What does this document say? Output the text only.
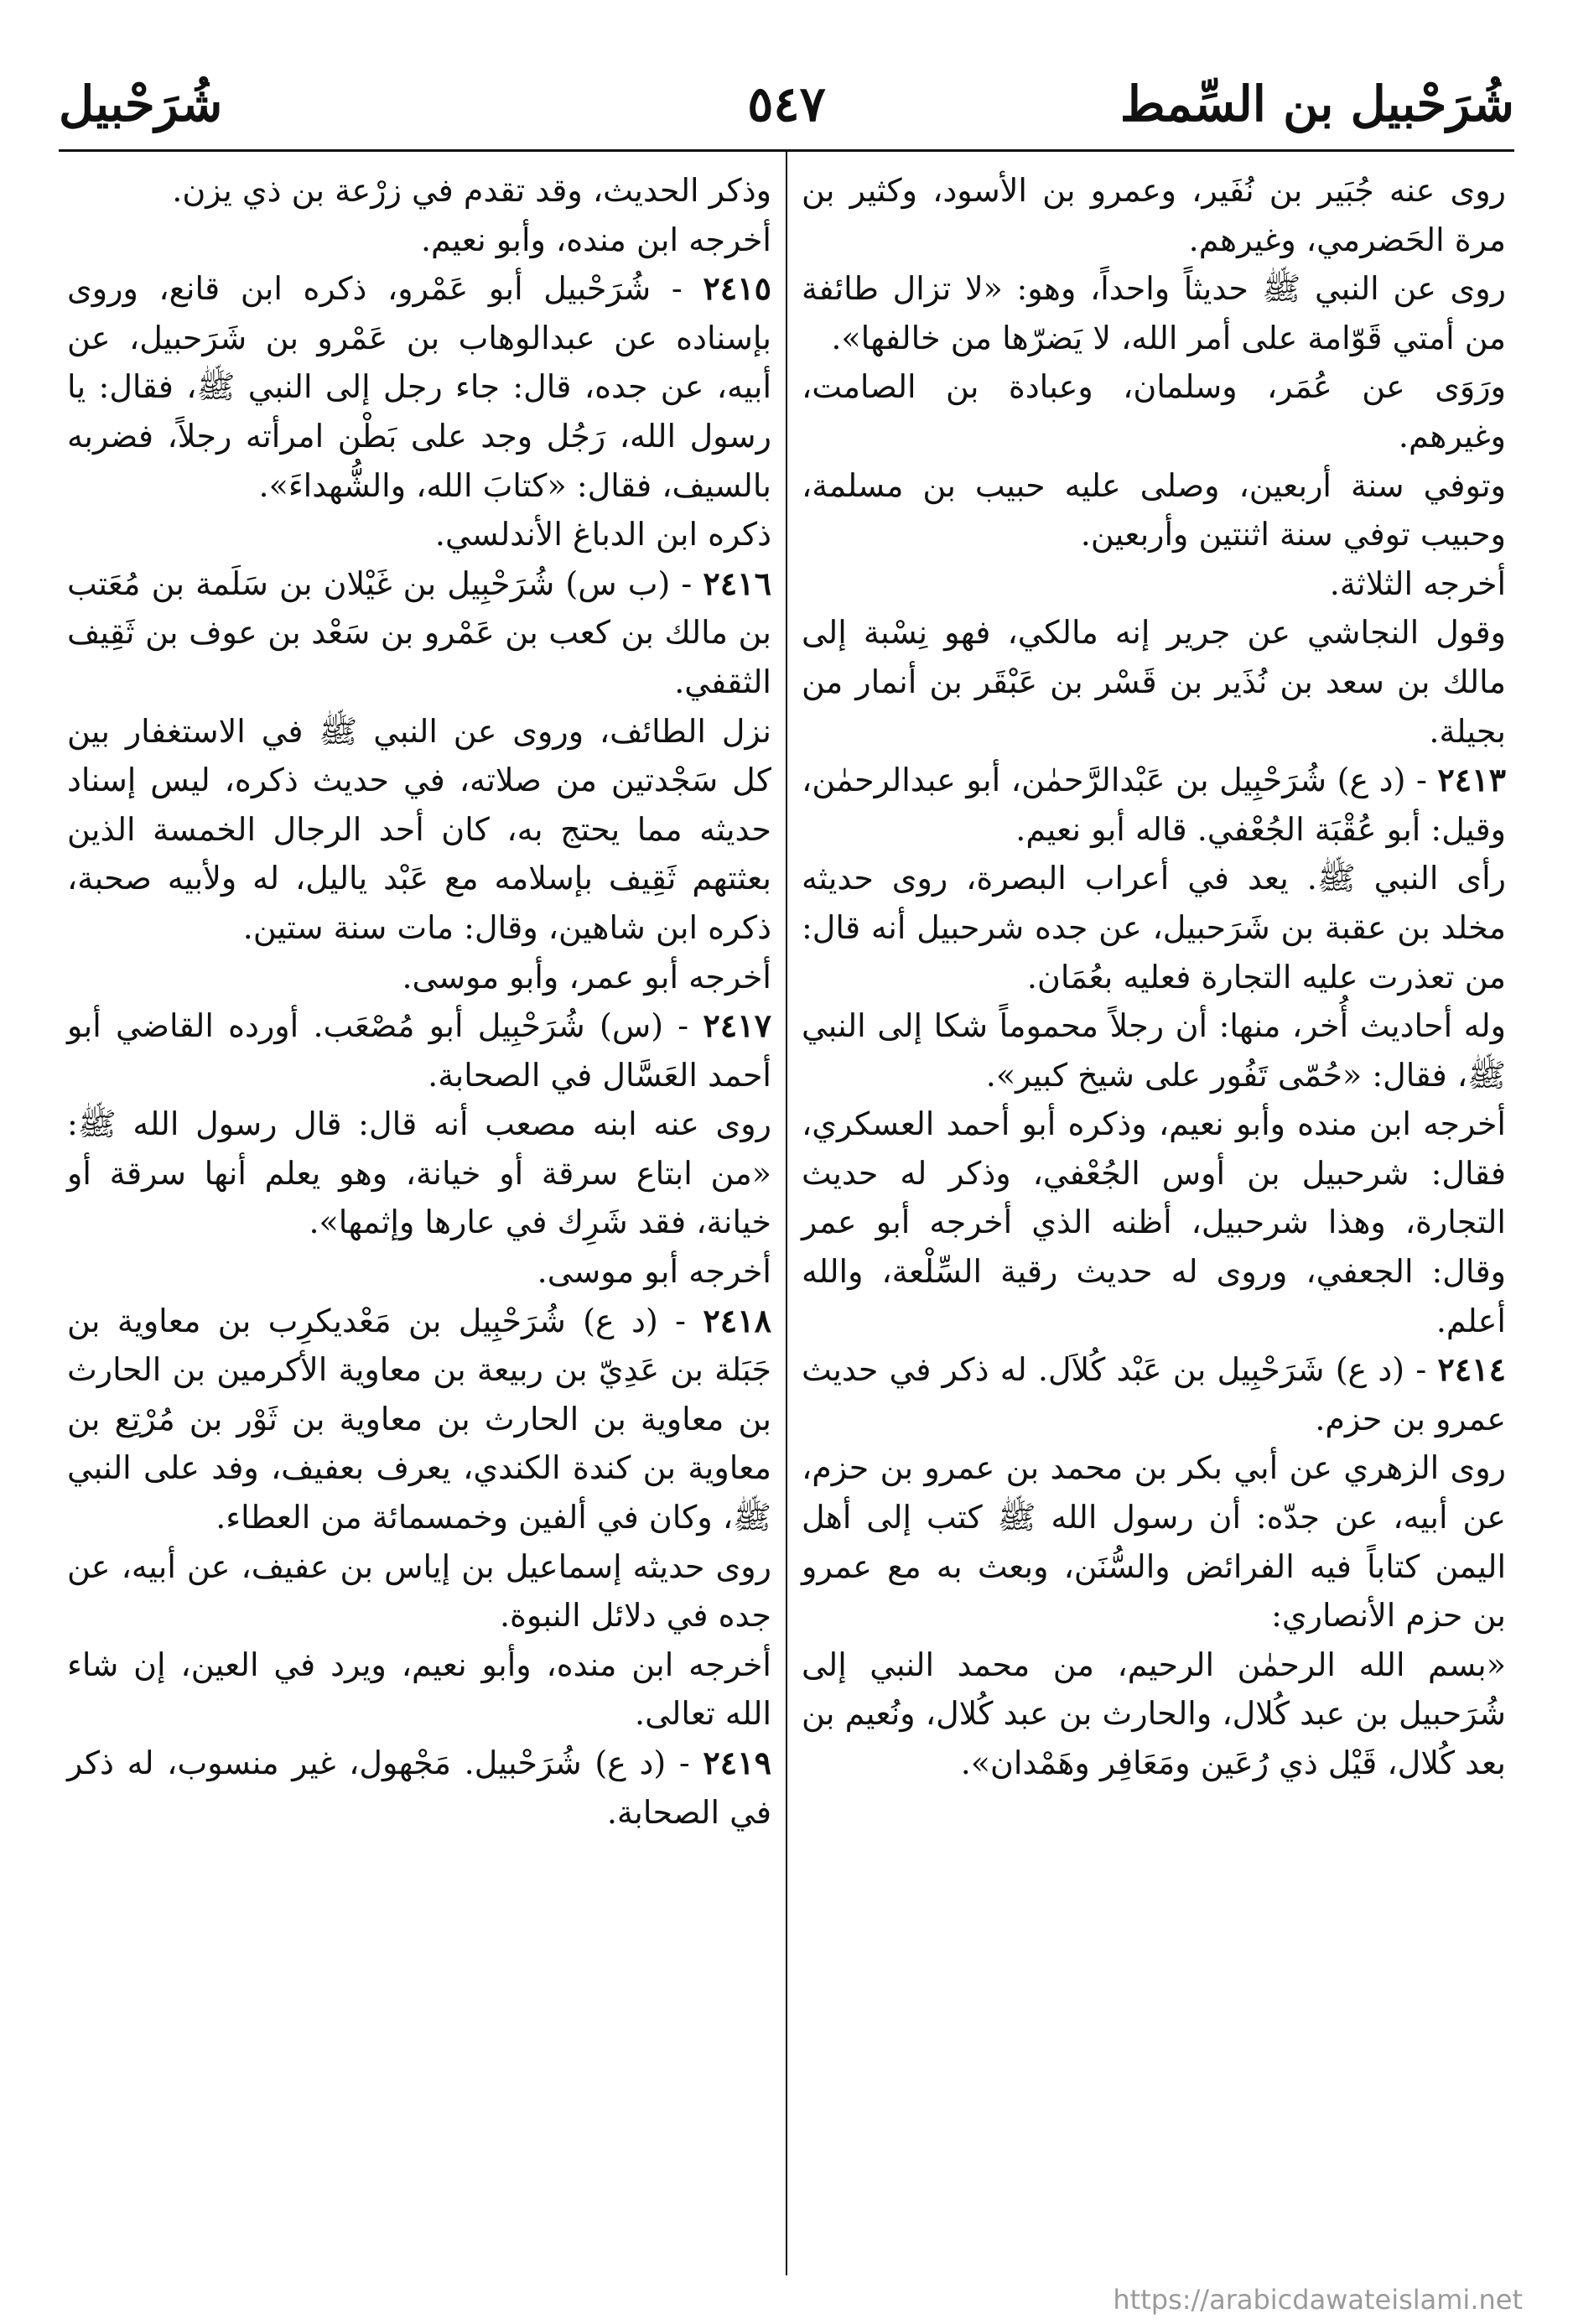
شُرَحْبيل بن السِّمط
٥٤٧
شُرَحْبيل

روى عنه جُبَير بن نُفَير، وعمرو بن الأسود، وكثير بن مرة الحَضرمي، وغيرهم.

روى عن النبي ﷺ حديثاً واحداً، وهو: «لا تزال طائفة من أمتي قَوّامة على أمر الله، لا يَضرّها من خالفها».

ورَوَى عن عُمَر، وسلمان، وعبادة بن الصامت، وغيرهم.

وتوفي سنة أربعين، وصلى عليه حبيب بن مسلمة، وحبيب توفي سنة اثنتين وأربعين.

أخرجه الثلاثة.

وقول النجاشي عن جرير إنه مالكي، فهو نِسْبة إلى مالك بن سعد بن نُذَير بن قَسْر بن عَبْقَر بن أنمار من بجيلة.

٢٤١٣ - (د ع) شُرَحْبِيل بن عَبْدالرَّحمٰن، أبو عبدالرحمٰن، وقيل: أبو عُقْبَة الجُعْفي. قاله أبو نعيم.

رأى النبي ﷺ. يعد في أعراب البصرة، روى حديثه مخلد بن عقبة بن شَرَحبيل، عن جده شرحبيل أنه قال: من تعذرت عليه التجارة فعليه بعُمَان.

وله أحاديث أُخر، منها: أن رجلاً محموماً شكا إلى النبي ﷺ، فقال: «حُمّى تَفُور على شيخ كبير».

أخرجه ابن منده وأبو نعيم، وذكره أبو أحمد العسكري، فقال: شرحبيل بن أوس الجُعْفي، وذكر له حديث التجارة، وهذا شرحبيل، أظنه الذي أخرجه أبو عمر وقال: الجعفي، وروى له حديث رقية السِّلْعة، والله أعلم.

٢٤١٤ - (د ع) شَرَحْبِيل بن عَبْد كُلاَل. له ذكر في حديث عمرو بن حزم.

روى الزهري عن أبي بكر بن محمد بن عمرو بن حزم، عن أبيه، عن جدّه: أن رسول الله ﷺ كتب إلى أهل اليمن كتاباً فيه الفرائض والسُّنَن، وبعث به مع عمرو بن حزم الأنصاري:

«بسم الله الرحمٰن الرحيم، من محمد النبي إلى شُرَحبيل بن عبد كُلال، والحارث بن عبد كُلال، ونُعيم بن بعد كُلال، قَيْل ذي رُعَين ومَعَافِر وهَمْدان».

وذكر الحديث، وقد تقدم في زرْعة بن ذي يزن.

أخرجه ابن منده، وأبو نعيم.

٢٤١٥ - شُرَحْبيل أبو عَمْرو، ذكره ابن قانع، وروى بإسناده عن عبدالوهاب بن عَمْرو بن شَرَحبيل، عن أبيه، عن جده، قال: جاء رجل إلى النبي ﷺ، فقال: يا رسول الله، رَجُل وجد على بَطْن امرأته رجلاً، فضربه بالسيف، فقال: «كتابَ الله، والشُّهداءَ».

ذكره ابن الدباغ الأندلسي.

٢٤١٦ - (ب س) شُرَحْبِيل بن غَيْلان بن سَلَمة بن مُعَتب بن مالك بن كعب بن عَمْرو بن سَعْد بن عوف بن ثَقِيف الثقفي.

نزل الطائف، وروى عن النبي ﷺ في الاستغفار بين كل سَجْدتين من صلاته، في حديث ذكره، ليس إسناد حديثه مما يحتج به، كان أحد الرجال الخمسة الذين بعثتهم ثَقِيف بإسلامه مع عَبْد ياليل، له ولأبيه صحبة، ذكره ابن شاهين، وقال: مات سنة ستين.

أخرجه أبو عمر، وأبو موسى.

٢٤١٧ - (س) شُرَحْبِيل أبو مُصْعَب. أورده القاضي أبو أحمد العَسَّال في الصحابة.

روى عنه ابنه مصعب أنه قال: قال رسول الله ﷺ: «من ابتاع سرقة أو خيانة، وهو يعلم أنها سرقة أو خيانة، فقد شَرِك في عارها وإثمها».

أخرجه أبو موسى.

٢٤١٨ - (د ع) شُرَحْبِيل بن مَعْديكرِب بن معاوية بن جَبَلة بن عَدِيّ بن ربيعة بن معاوية الأكرمين بن الحارث بن معاوية بن الحارث بن معاوية بن ثَوْر بن مُرْتِع بن معاوية بن كندة الكندي، يعرف بعفيف، وفد على النبي ﷺ، وكان في ألفين وخمسمائة من العطاء.

روى حديثه إسماعيل بن إياس بن عفيف، عن أبيه، عن جده في دلائل النبوة.

أخرجه ابن منده، وأبو نعيم، ويرد في العين، إن شاء الله تعالى.

٢٤١٩ - (د ع) شُرَحْبيل. مَجْهول، غير منسوب، له ذكر في الصحابة.

https://arabicdawateislami.net
